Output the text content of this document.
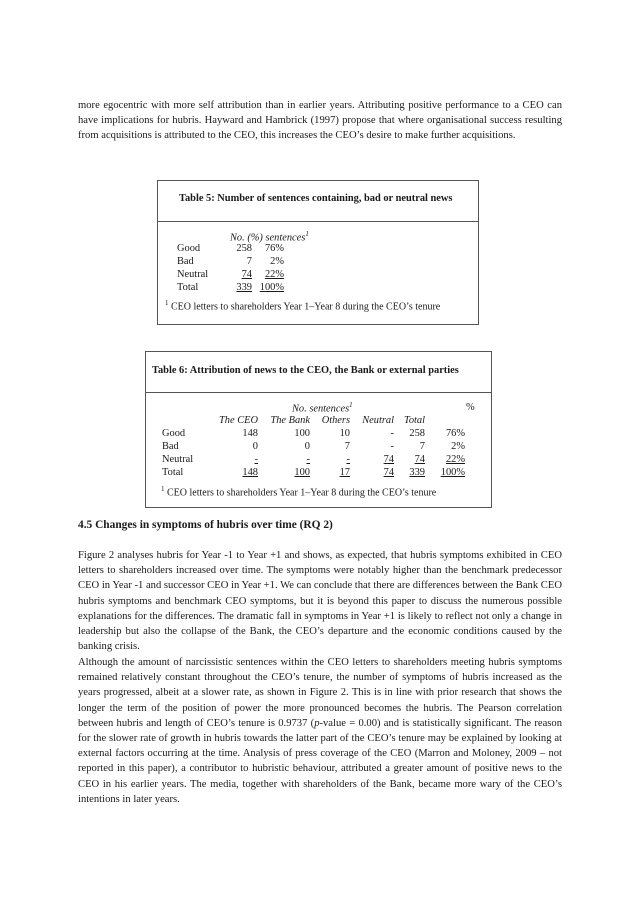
more egocentric with more self attribution than in earlier years. Attributing positive performance to a CEO can have implications for hubris. Hayward and Hambrick (1997) propose that where organisational success resulting from acquisitions is attributed to the CEO, this increases the CEO’s desire to make further acquisitions.

Table 5: Number of sentences containing, bad or neutral news
No. (%) sentences$^1$
Good	258	76%
Bad	7	2%
Neutral	74	22%
Total	339	100%
$^1$ CEO letters to shareholders Year 1–Year 8 during the CEO’s tenure
Table 6: Attribution of news to the CEO, the Bank or external parties
No. sentences$^1$	%
	The CEO	The Bank	Others	Neutral	Total	
Good	148	100	10	-	258	76%
Bad	0	0	7	-	7	2%
Neutral	-	-	-	74	74	22%
Total	148	100	17	74	339	100%
$^1$ CEO letters to shareholders Year 1–Year 8 during the CEO’s tenure
4.5 Changes in symptoms of hubris over time (RQ 2)

Figure 2 analyses hubris for Year -1 to Year +1 and shows, as expected, that hubris symptoms exhibited in CEO letters to shareholders increased over time. The symptoms were notably higher than the benchmark predecessor CEO in Year -1 and successor CEO in Year +1. We can conclude that there are differences between the Bank CEO hubris symptoms and benchmark CEO symptoms, but it is beyond this paper to discuss the numerous possible explanations for the differences. The dramatic fall in symptoms in Year +1 is likely to reflect not only a change in leadership but also the collapse of the Bank, the CEO’s departure and the economic conditions caused by the banking crisis.

Although the amount of narcissistic sentences within the CEO letters to shareholders meeting hubris symptoms remained relatively constant throughout the CEO’s tenure, the number of symptoms of hubris increased as the years progressed, albeit at a slower rate, as shown in Figure 2. This is in line with prior research that shows the longer the term of the position of power the more pronounced becomes the hubris. The Pearson correlation between hubris and length of CEO’s tenure is 0.9737 (p-value = 0.00) and is statistically significant. The reason for the slower rate of growth in hubris towards the latter part of the CEO’s tenure may be explained by looking at external factors occurring at the time. Analysis of press coverage of the CEO (Marron and Moloney, 2009 – not reported in this paper), a contributor to hubristic behaviour, attributed a greater amount of positive news to the CEO in his earlier years. The media, together with shareholders of the Bank, became more wary of the CEO’s intentions in later years.
